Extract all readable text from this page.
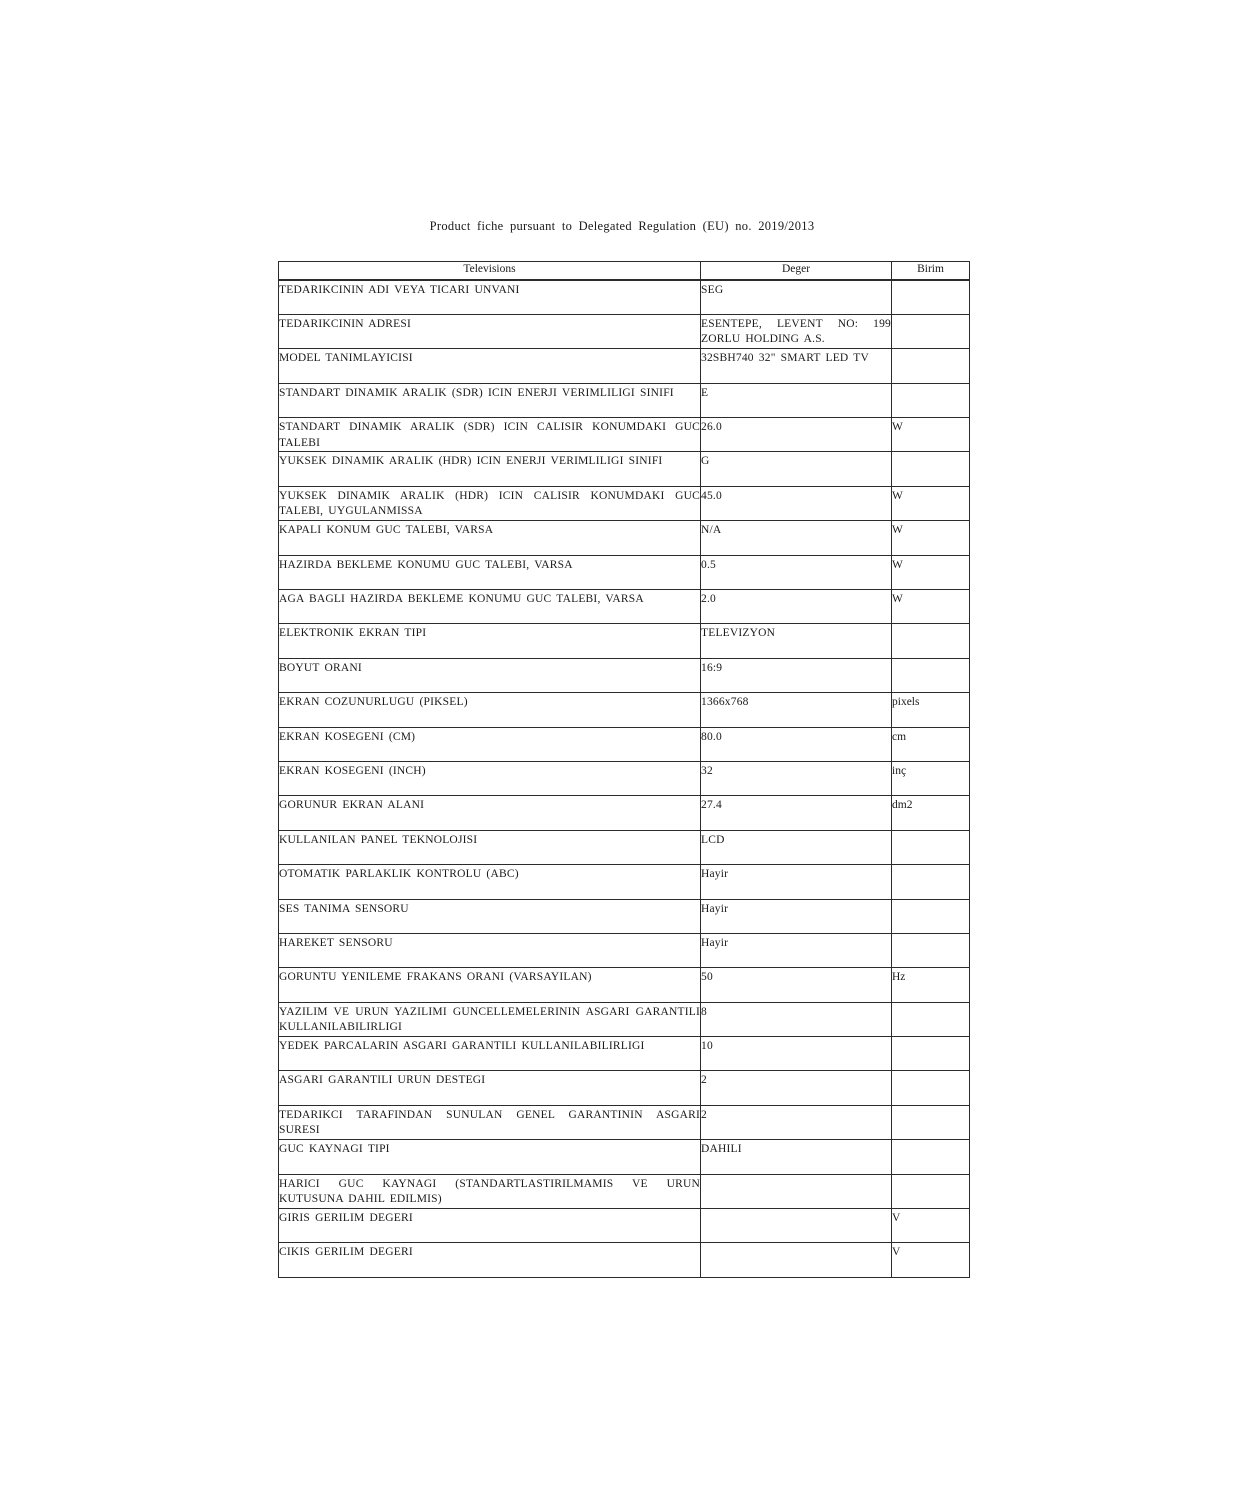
Product fiche pursuant to Delegated Regulation (EU) no. 2019/2013
Televisions	Deger	Birim

TEDARIKCININ ADI VEYA TICARI UNVANI	SEG	

TEDARIKCININ ADRESI	ESENTEPE, LEVENT NO: 199 ZORLU HOLDING A.S.	

MODEL TANIMLAYICISI	32SBH740 32" SMART LED TV	

STANDART DINAMIK ARALIK (SDR) ICIN ENERJI VERIMLILIGI SINIFI	E	

STANDART DINAMIK ARALIK (SDR) ICIN CALISIR KONUMDAKI GUC TALEBI	26.0	W

YUKSEK DINAMIK ARALIK (HDR) ICIN ENERJI VERIMLILIGI SINIFI	G	

YUKSEK DINAMIK ARALIK (HDR) ICIN CALISIR KONUMDAKI GUC TALEBI, UYGULANMISSA	45.0	W

KAPALI KONUM GUC TALEBI, VARSA	N/A	W

HAZIRDA BEKLEME KONUMU GUC TALEBI, VARSA	0.5	W

AGA BAGLI HAZIRDA BEKLEME KONUMU GUC TALEBI, VARSA	2.0	W

ELEKTRONIK EKRAN TIPI	TELEVIZYON	

BOYUT ORANI	16:9	

EKRAN COZUNURLUGU (PIKSEL)	1366x768	pixels

EKRAN KOSEGENI (CM)	80.0	cm

EKRAN KOSEGENI (INCH)	32	inç

GORUNUR EKRAN ALANI	27.4	dm2

KULLANILAN PANEL TEKNOLOJISI	LCD	

OTOMATIK PARLAKLIK KONTROLU (ABC)	Hayir	

SES TANIMA SENSORU	Hayir	

HAREKET SENSORU	Hayir	

GORUNTU YENILEME FRAKANS ORANI (VARSAYILAN)	50	Hz

YAZILIM VE URUN YAZILIMI GUNCELLEMELERININ ASGARI GARANTILI KULLANILABILIRLIGI	8	

YEDEK PARCALARIN ASGARI GARANTILI KULLANILABILIRLIGI	10	

ASGARI GARANTILI URUN DESTEGI	2	

TEDARIKCI TARAFINDAN SUNULAN GENEL GARANTININ ASGARI SURESI	2	

GUC KAYNAGI TIPI	DAHILI	

HARICI GUC KAYNAGI (STANDARTLASTIRILMAMIS VE URUN KUTUSUNA DAHIL EDILMIS)		

GIRIS GERILIM DEGERI		V

CIKIS GERILIM DEGERI		V
